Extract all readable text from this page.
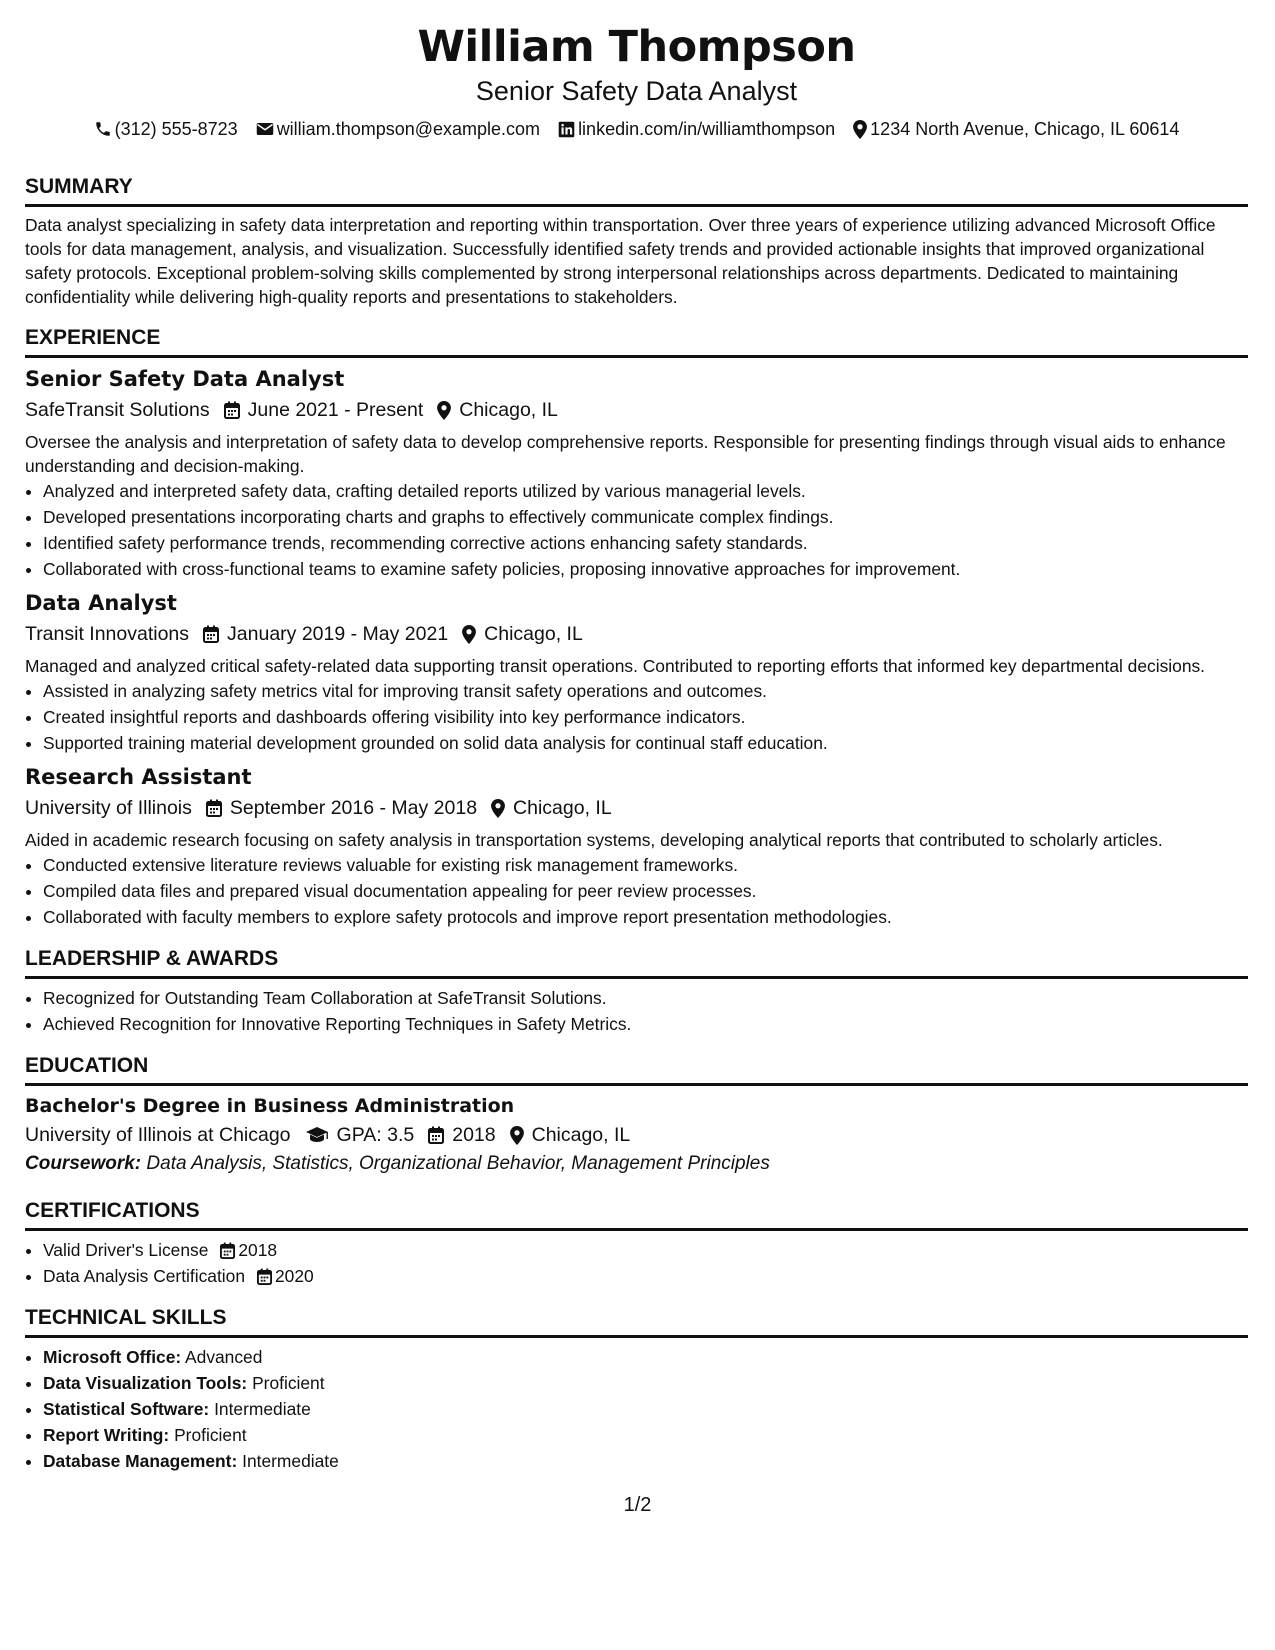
William Thompson
Senior Safety Data Analyst
(312) 555-8723 william.thompson@example.com linkedin.com/in/williamthompson 1234 North Avenue, Chicago, IL 60614
SUMMARY
Data analyst specializing in safety data interpretation and reporting within transportation. Over three years of experience utilizing advanced Microsoft Office tools for data management, analysis, and visualization. Successfully identified safety trends and provided actionable insights that improved organizational safety protocols. Exceptional problem-solving skills complemented by strong interpersonal relationships across departments. Dedicated to maintaining confidentiality while delivering high-quality reports and presentations to stakeholders.
EXPERIENCE
Senior Safety Data Analyst
SafeTransit Solutions June 2021 - Present Chicago, IL
Oversee the analysis and interpretation of safety data to develop comprehensive reports. Responsible for presenting findings through visual aids to enhance understanding and decision-making.
• Analyzed and interpreted safety data, crafting detailed reports utilized by various managerial levels.
• Developed presentations incorporating charts and graphs to effectively communicate complex findings.
• Identified safety performance trends, recommending corrective actions enhancing safety standards.
• Collaborated with cross-functional teams to examine safety policies, proposing innovative approaches for improvement.
Data Analyst
Transit Innovations January 2019 - May 2021 Chicago, IL
Managed and analyzed critical safety-related data supporting transit operations. Contributed to reporting efforts that informed key departmental decisions.
• Assisted in analyzing safety metrics vital for improving transit safety operations and outcomes.
• Created insightful reports and dashboards offering visibility into key performance indicators.
• Supported training material development grounded on solid data analysis for continual staff education.
Research Assistant
University of Illinois September 2016 - May 2018 Chicago, IL
Aided in academic research focusing on safety analysis in transportation systems, developing analytical reports that contributed to scholarly articles.
• Conducted extensive literature reviews valuable for existing risk management frameworks.
• Compiled data files and prepared visual documentation appealing for peer review processes.
• Collaborated with faculty members to explore safety protocols and improve report presentation methodologies.
LEADERSHIP & AWARDS
• Recognized for Outstanding Team Collaboration at SafeTransit Solutions.
• Achieved Recognition for Innovative Reporting Techniques in Safety Metrics.
EDUCATION
Bachelor's Degree in Business Administration
University of Illinois at Chicago GPA: 3.5 2018 Chicago, IL
Coursework: Data Analysis, Statistics, Organizational Behavior, Management Principles
CERTIFICATIONS
• Valid Driver's License 2018
• Data Analysis Certification 2020
TECHNICAL SKILLS
• Microsoft Office: Advanced
• Data Visualization Tools: Proficient
• Statistical Software: Intermediate
• Report Writing: Proficient
• Database Management: Intermediate
1/2
